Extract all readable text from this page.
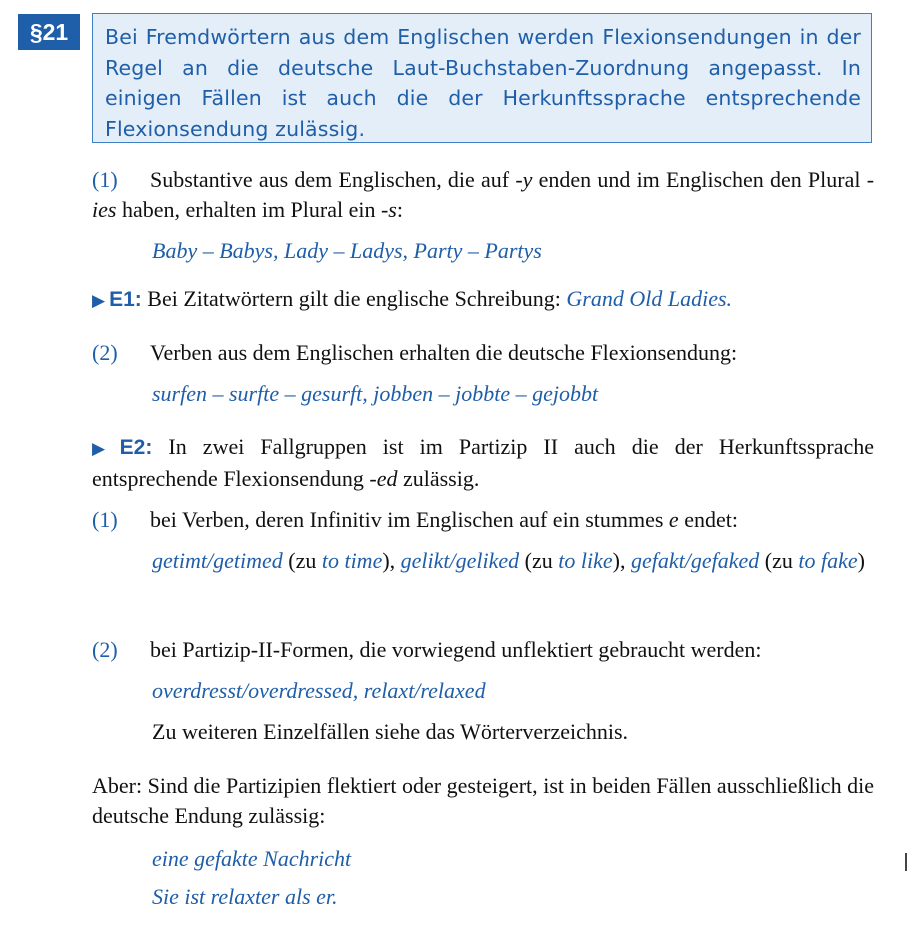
§21	Bei Fremdwörtern aus dem Englischen werden Flexionsendungen in der Regel an die deutsche Laut-Buchstaben-Zuordnung angepasst. In einigen Fällen ist auch die der Herkunftssprache entsprechende Flexionsendung zulässig.
(1) Substantive aus dem Englischen, die auf -y enden und im Englischen den Plural -ies haben, erhalten im Plural ein -s:
Baby – Babys, Lady – Ladys, Party – Partys
▶ E1: Bei Zitatwörtern gilt die englische Schreibung: Grand Old Ladies.
(2) Verben aus dem Englischen erhalten die deutsche Flexionsendung:
surfen – surfte – gesurft, jobben – jobbte – gejobbt
▶ E2: In zwei Fallgruppen ist im Partizip II auch die der Herkunftssprache entsprechende Flexionsendung -ed zulässig.
(1) bei Verben, deren Infinitiv im Englischen auf ein stummes e endet:
getimt/getimed (zu to time), gelikt/geliked (zu to like), gefakt/gefaked (zu to fake)
(2) bei Partizip-II-Formen, die vorwiegend unflektiert gebraucht werden:
overdresst/overdressed, relaxt/relaxed
Zu weiteren Einzelfällen siehe das Wörterverzeichnis.
Aber: Sind die Partizipien flektiert oder gesteigert, ist in beiden Fällen ausschließlich die deutsche Endung zulässig:
eine gefakte Nachricht
Sie ist relaxter als er.
